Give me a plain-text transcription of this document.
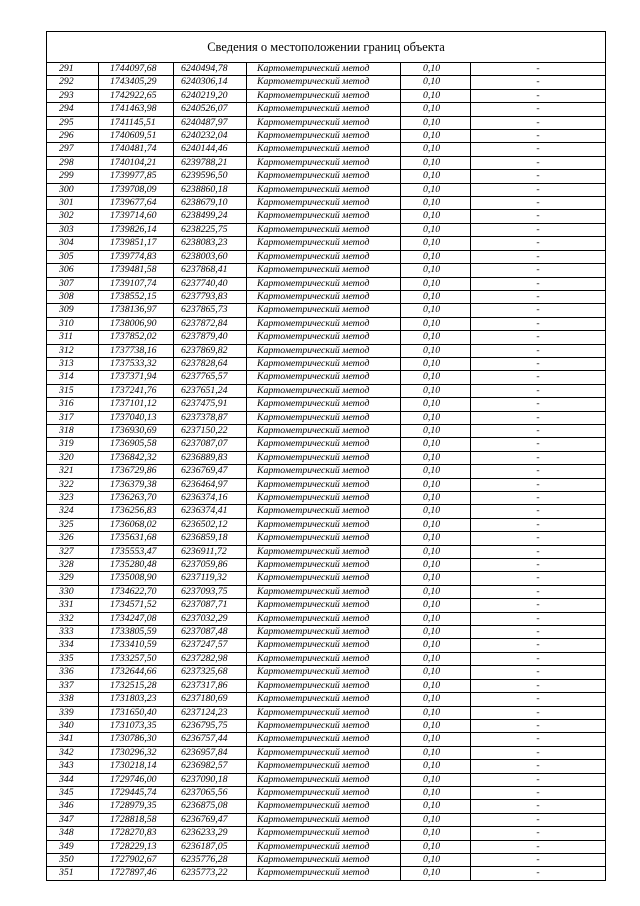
Сведения о местоположении границ объекта					
291	1744097,68	6240494,78	Картометрический метод	0,10	-
292	1743405,29	6240306,14	Картометрический метод	0,10	-
293	1742922,65	6240219,20	Картометрический метод	0,10	-
294	1741463,98	6240526,07	Картометрический метод	0,10	-
295	1741145,51	6240487,97	Картометрический метод	0,10	-
296	1740609,51	6240232,04	Картометрический метод	0,10	-
297	1740481,74	6240144,46	Картометрический метод	0,10	-
298	1740104,21	6239788,21	Картометрический метод	0,10	-
299	1739977,85	6239596,50	Картометрический метод	0,10	-
300	1739708,09	6238860,18	Картометрический метод	0,10	-
301	1739677,64	6238679,10	Картометрический метод	0,10	-
302	1739714,60	6238499,24	Картометрический метод	0,10	-
303	1739826,14	6238225,75	Картометрический метод	0,10	-
304	1739851,17	6238083,23	Картометрический метод	0,10	-
305	1739774,83	6238003,60	Картометрический метод	0,10	-
306	1739481,58	6237868,41	Картометрический метод	0,10	-
307	1739107,74	6237740,40	Картометрический метод	0,10	-
308	1738552,15	6237793,83	Картометрический метод	0,10	-
309	1738136,97	6237865,73	Картометрический метод	0,10	-
310	1738006,90	6237872,84	Картометрический метод	0,10	-
311	1737852,02	6237879,40	Картометрический метод	0,10	-
312	1737738,16	6237869,82	Картометрический метод	0,10	-
313	1737533,32	6237828,64	Картометрический метод	0,10	-
314	1737371,94	6237765,57	Картометрический метод	0,10	-
315	1737241,76	6237651,24	Картометрический метод	0,10	-
316	1737101,12	6237475,91	Картометрический метод	0,10	-
317	1737040,13	6237378,87	Картометрический метод	0,10	-
318	1736930,69	6237150,22	Картометрический метод	0,10	-
319	1736905,58	6237087,07	Картометрический метод	0,10	-
320	1736842,32	6236889,83	Картометрический метод	0,10	-
321	1736729,86	6236769,47	Картометрический метод	0,10	-
322	1736379,38	6236464,97	Картометрический метод	0,10	-
323	1736263,70	6236374,16	Картометрический метод	0,10	-
324	1736256,83	6236374,41	Картометрический метод	0,10	-
325	1736068,02	6236502,12	Картометрический метод	0,10	-
326	1735631,68	6236859,18	Картометрический метод	0,10	-
327	1735553,47	6236911,72	Картометрический метод	0,10	-
328	1735280,48	6237059,86	Картометрический метод	0,10	-
329	1735008,90	6237119,32	Картометрический метод	0,10	-
330	1734622,70	6237093,75	Картометрический метод	0,10	-
331	1734571,52	6237087,71	Картометрический метод	0,10	-
332	1734247,08	6237032,29	Картометрический метод	0,10	-
333	1733805,59	6237087,48	Картометрический метод	0,10	-
334	1733410,59	6237247,57	Картометрический метод	0,10	-
335	1733257,50	6237282,98	Картометрический метод	0,10	-
336	1732644,66	6237325,68	Картометрический метод	0,10	-
337	1732515,28	6237317,86	Картометрический метод	0,10	-
338	1731803,23	6237180,69	Картометрический метод	0,10	-
339	1731650,40	6237124,23	Картометрический метод	0,10	-
340	1731073,35	6236795,75	Картометрический метод	0,10	-
341	1730786,30	6236757,44	Картометрический метод	0,10	-
342	1730296,32	6236957,84	Картометрический метод	0,10	-
343	1730218,14	6236982,57	Картометрический метод	0,10	-
344	1729746,00	6237090,18	Картометрический метод	0,10	-
345	1729445,74	6237065,56	Картометрический метод	0,10	-
346	1728979,35	6236875,08	Картометрический метод	0,10	-
347	1728818,58	6236769,47	Картометрический метод	0,10	-
348	1728270,83	6236233,29	Картометрический метод	0,10	-
349	1728229,13	6236187,05	Картометрический метод	0,10	-
350	1727902,67	6235776,28	Картометрический метод	0,10	-
351	1727897,46	6235773,22	Картометрический метод	0,10	-
